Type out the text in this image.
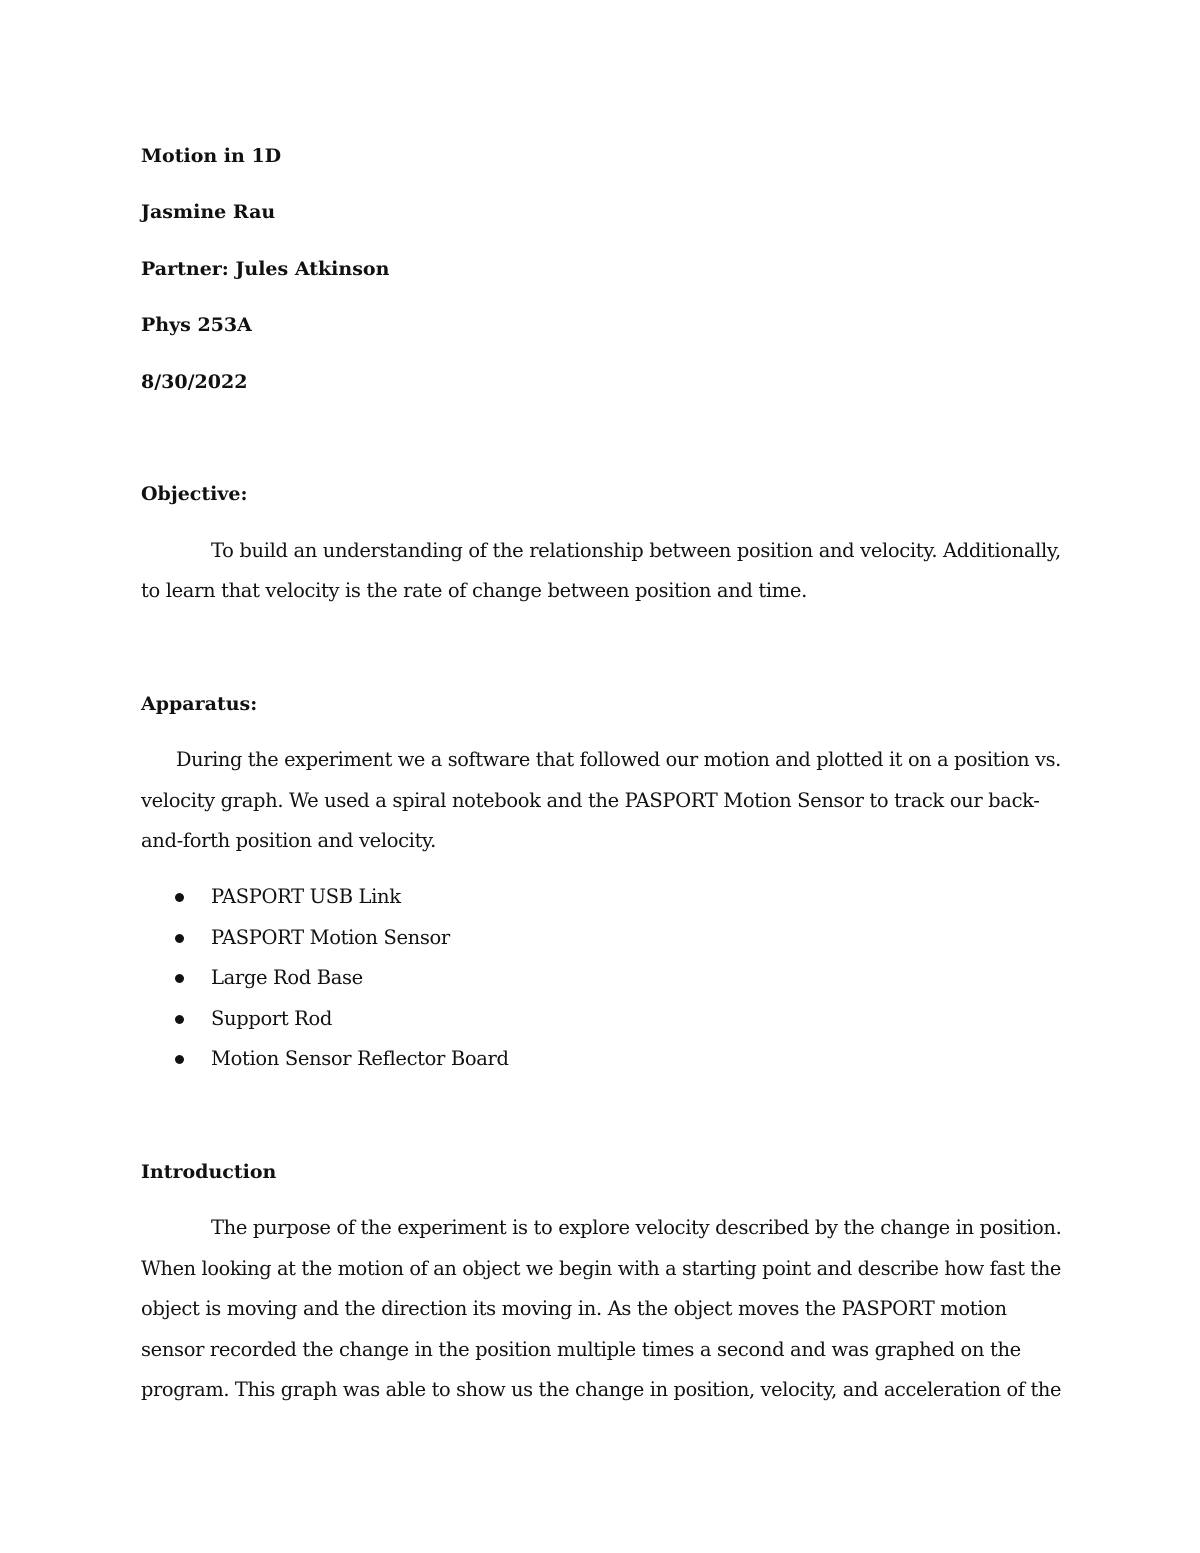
Motion in 1D

Jasmine Rau

Partner: Jules Atkinson

Phys 253A

8/30/2022

Objective:

To build an understanding of the relationship between position and velocity. Additionally,

to learn that velocity is the rate of change between position and time.

Apparatus:

During the experiment we a software that followed our motion and plotted it on a position vs.

velocity graph. We used a spiral notebook and the PASPORT Motion Sensor to track our back-

and-forth position and velocity.

PASPORT USB Link
PASPORT Motion Sensor
Large Rod Base
Support Rod
Motion Sensor Reflector Board

Introduction

The purpose of the experiment is to explore velocity described by the change in position.

When looking at the motion of an object we begin with a starting point and describe how fast the

object is moving and the direction its moving in. As the object moves the PASPORT motion

sensor recorded the change in the position multiple times a second and was graphed on the

program. This graph was able to show us the change in position, velocity, and acceleration of the
